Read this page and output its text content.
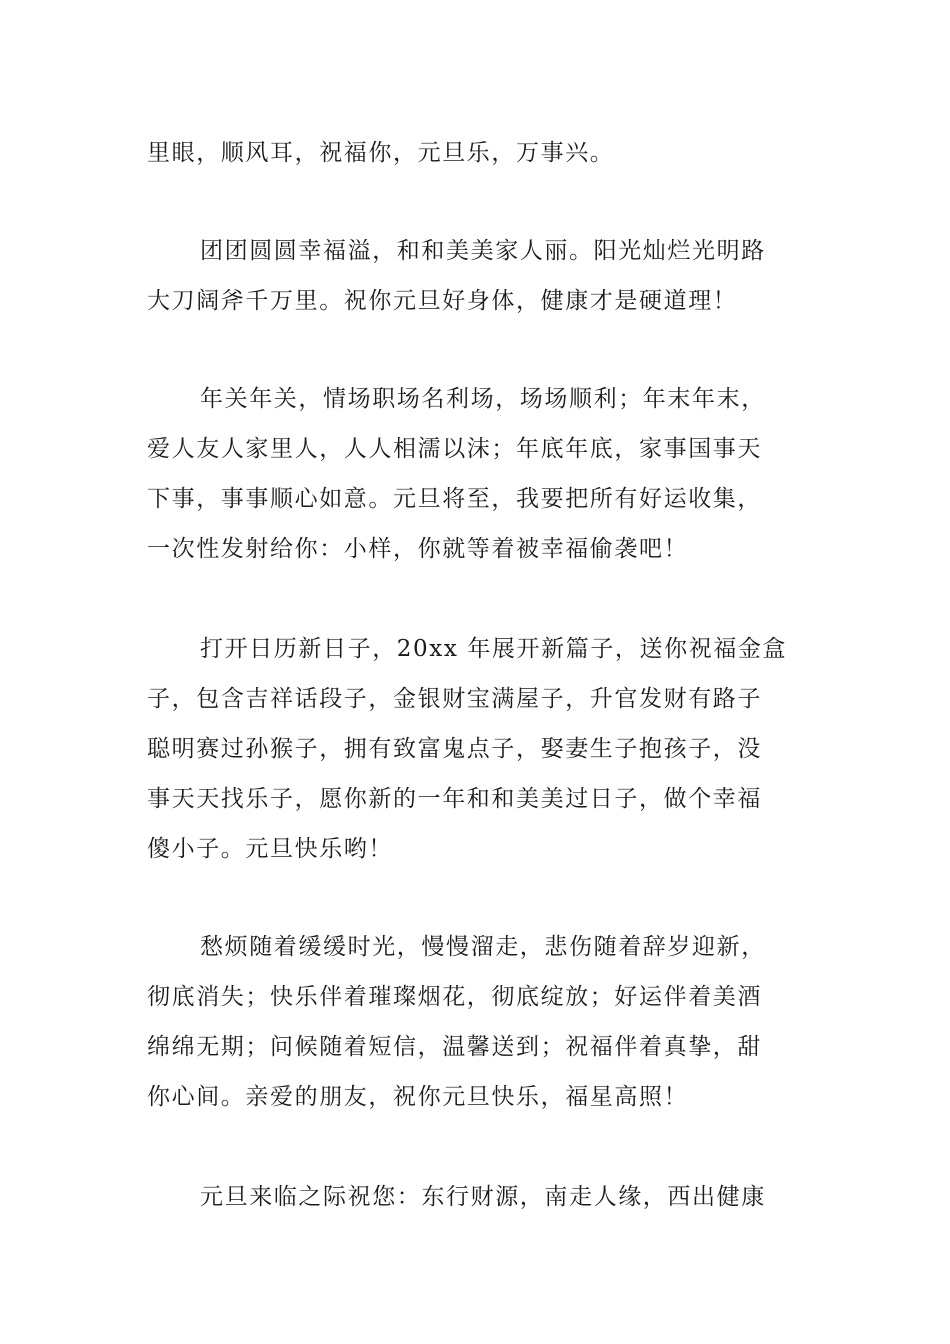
里眼，顺风耳，祝福你，元旦乐，万事兴。
团团圆圆幸福溢，和和美美家人丽。阳光灿烂光明路
大刀阔斧千万里。祝你元旦好身体，健康才是硬道理！
年关年关，情场职场名利场，场场顺利；年末年末，
爱人友人家里人，人人相濡以沫；年底年底，家事国事天
下事，事事顺心如意。元旦将至，我要把所有好运收集，
一次性发射给你：小样，你就等着被幸福偷袭吧！
打开日历新日子，20xx 年展开新篇子，送你祝福金盒
子，包含吉祥话段子，金银财宝满屋子，升官发财有路子
聪明赛过孙猴子，拥有致富鬼点子，娶妻生子抱孩子，没
事天天找乐子，愿你新的一年和和美美过日子，做个幸福
傻小子。元旦快乐哟！
愁烦随着缓缓时光，慢慢溜走，悲伤随着辞岁迎新，
彻底消失；快乐伴着璀璨烟花，彻底绽放；好运伴着美酒
绵绵无期；问候随着短信，温馨送到；祝福伴着真挚，甜
你心间。亲爱的朋友，祝你元旦快乐，福星高照！
元旦来临之际祝您：东行财源，南走人缘，西出健康
